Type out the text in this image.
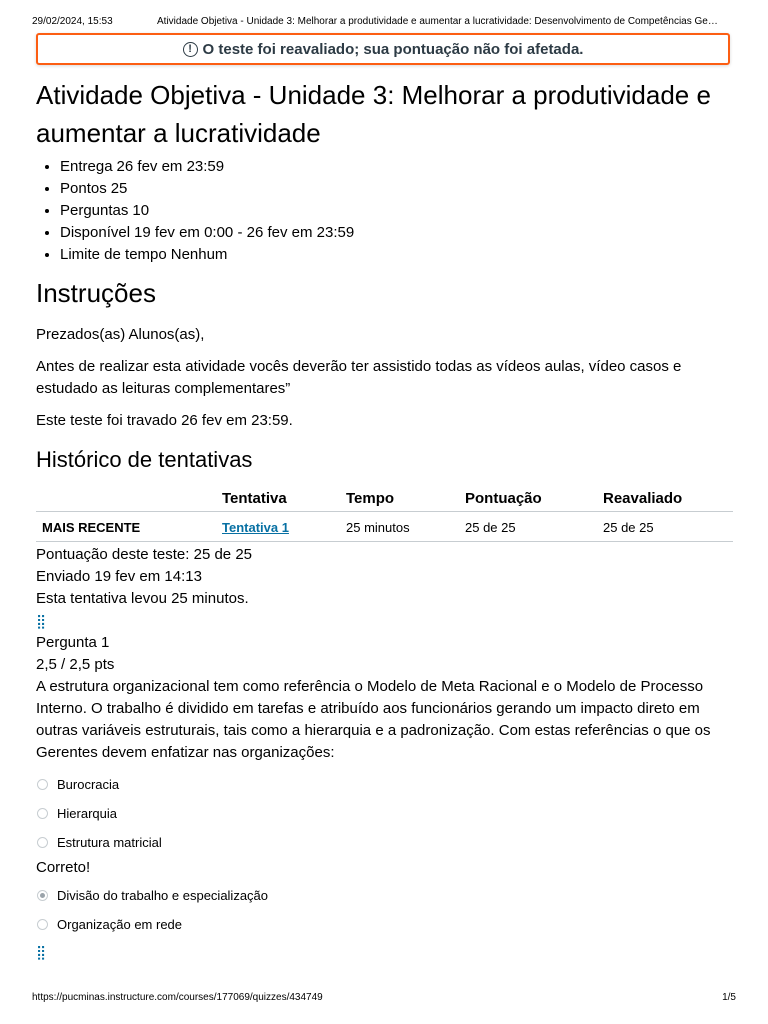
29/02/2024, 15:53	Atividade Objetiva - Unidade 3: Melhorar a produtividade e aumentar a lucratividade: Desenvolvimento de Competências Ge…
! O teste foi reavaliado; sua pontuação não foi afetada.
Atividade Objetiva - Unidade 3: Melhorar a produtividade e aumentar a lucratividade
• Entrega 26 fev em 23:59
• Pontos 25
• Perguntas 10
• Disponível 19 fev em 0:00 - 26 fev em 23:59
• Limite de tempo Nenhum
Instruções

Prezados(as) Alunos(as),

Antes de realizar esta atividade vocês deverão ter assistido todas as vídeos aulas, vídeo casos e estudado as leituras complementares”

Este teste foi travado 26 fev em 23:59.

Histórico de tentativas
	Tentativa	Tempo	Pontuação	Reavaliado
MAIS RECENTE	Tentativa 1	25 minutos	25 de 25	25 de 25
Pontuação deste teste: 25 de 25
Enviado 19 fev em 14:13
Esta tentativa levou 25 minutos.
⣿
Pergunta 1
2,5 / 2,5 pts
A estrutura organizacional tem como referência o Modelo de Meta Racional e o Modelo de Processo Interno. O trabalho é dividido em tarefas e atribuído aos funcionários gerando um impacto direto em outras variáveis estruturais, tais como a hierarquia e a padronização. Com estas referências o que os Gerentes devem enfatizar nas organizações:
Burocracia
Hierarquia
Estrutura matricial
Correto!
Divisão do trabalho e especialização
Organização em rede
⣿
https://pucminas.instructure.com/courses/177069/quizzes/434749	1/5
